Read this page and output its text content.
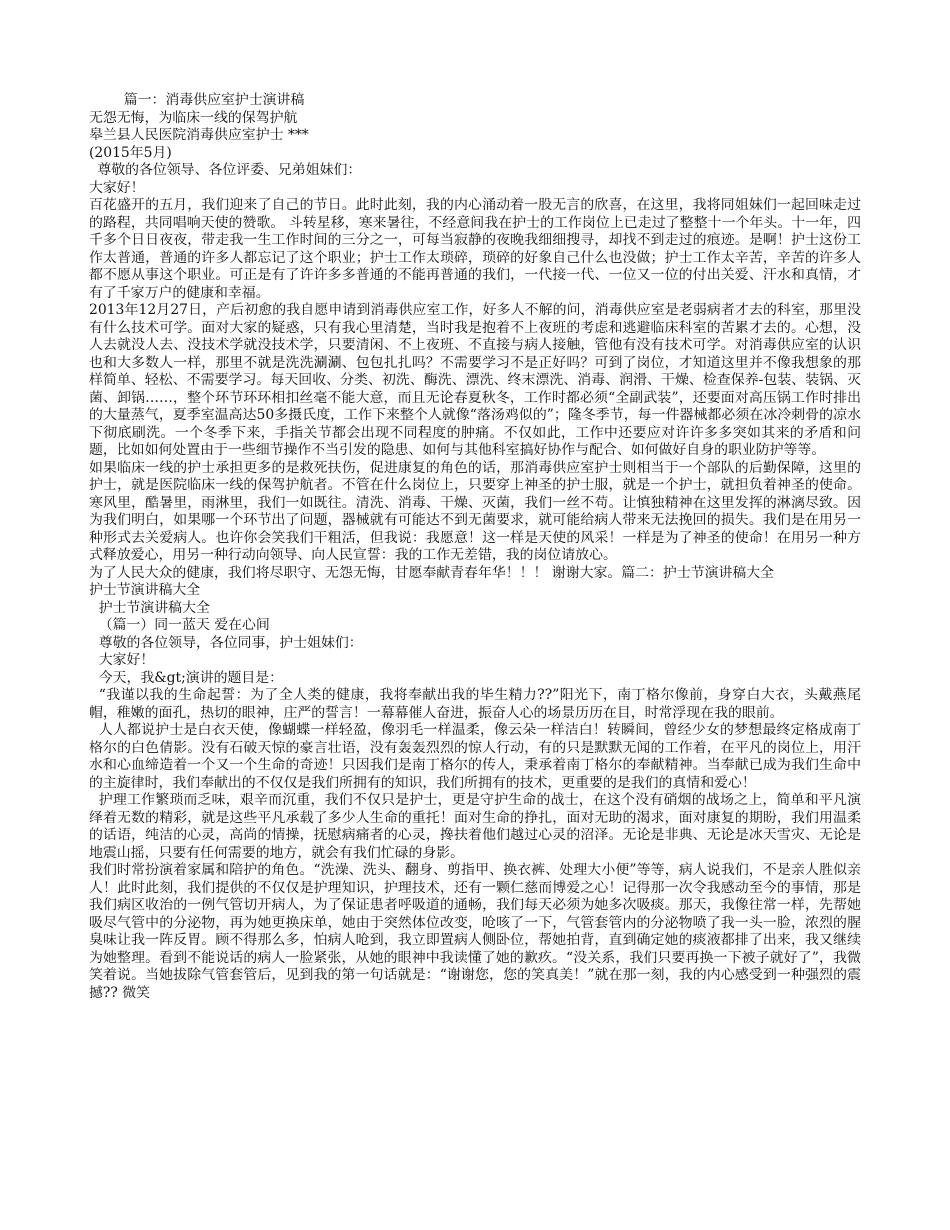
篇一：消毒供应室护士演讲稿

无怨无悔，为临床一线的保驾护航

皋兰县人民医院消毒供应室护士 ***

(2015年5月)

尊敬的各位领导、各位评委、兄弟姐妹们：

大家好！

百花盛开的五月，我们迎来了自己的节日。此时此刻，我的内心涌动着一股无言的欣喜，在这里，我将同姐妹们一起回味走过的路程，共同唱响天使的赞歌。 斗转星移，寒来暑往，不经意间我在护士的工作岗位上已走过了整整十一个年头。十一年，四千多个日日夜夜，带走我一生工作时间的三分之一，可每当寂静的夜晚我细细搜寻，却找不到走过的痕迹。是啊！护士这份工作太普通，普通的许多人都忘记了这个职业；护士工作太琐碎，琐碎的好象自己什么也没做；护士工作太辛苦，辛苦的许多人都不愿从事这个职业。可正是有了许许多多普通的不能再普通的我们，一代接一代、一位又一位的付出关爱、汗水和真情，才有了千家万户的健康和幸福。

2013年12月27日，产后初愈的我自愿申请到消毒供应室工作，好多人不解的问，消毒供应室是老弱病者才去的科室，那里没有什么技术可学。面对大家的疑惑，只有我心里清楚，当时我是抱着不上夜班的考虑和逃避临床科室的苦累才去的。心想，没人去就没人去、没技术学就没技术学，只要清闲、不上夜班、不直接与病人接触，管他有没有技术可学。对消毒供应室的认识也和大多数人一样，那里不就是洗洗涮涮、包包扎扎吗？不需要学习不是正好吗？可到了岗位，才知道这里并不像我想象的那样简单、轻松、不需要学习。每天回收、分类、初洗、酶洗、漂洗、终末漂洗、消毒、润滑、干燥、检查保养-包装、装锅、灭菌、卸锅……，整个环节环环相扣丝毫不能大意，而且无论春夏秋冬，工作时都必须“全副武装”，还要面对高压锅工作时排出的大量蒸气，夏季室温高达50多摄氏度，工作下来整个人就像“落汤鸡似的”；隆冬季节，每一件器械都必须在冰冷刺骨的凉水下彻底刷洗。一个冬季下来，手指关节都会出现不同程度的肿痛。不仅如此，工作中还要应对许许多多突如其来的矛盾和问题，比如如何处置由于一些细节操作不当引发的隐患、如何与其他科室搞好协作与配合、如何做好自身的职业防护等等。

如果临床一线的护士承担更多的是救死扶伤，促进康复的角色的话，那消毒供应室护士则相当于一个部队的后勤保障，这里的护士，就是医院临床一线的保驾护航者。不管在什么岗位上，只要穿上神圣的护士服，就是一个护士，就担负着神圣的使命。寒风里，酷暑里，雨淋里，我们一如既往。清洗、消毒、干燥、灭菌，我们一丝不苟。让慎独精神在这里发挥的淋漓尽致。因为我们明白，如果哪一个环节出了问题，器械就有可能达不到无菌要求，就可能给病人带来无法挽回的损失。我们是在用另一种形式去关爱病人。也许你会笑我们干粗活，但我说：我愿意！这一样是天使的风采！一样是为了神圣的使命！在用另一种方式释放爱心，用另一种行动向领导、向人民宣誓：我的工作无差错，我的岗位请放心。

为了人民大众的健康，我们将尽职守、无怨无悔，甘愿奉献青春年华！！！ 谢谢大家。篇二：护士节演讲稿大全

护士节演讲稿大全

护士节演讲稿大全

（篇一）同一蓝天 爱在心间

尊敬的各位领导，各位同事，护士姐妹们：

大家好！

今天，我&gt;演讲的题目是：

“我谨以我的生命起誓：为了全人类的健康，我将奉献出我的毕生精力??”阳光下，南丁格尔像前，身穿白大衣，头戴燕尾帽，稚嫩的面孔，热切的眼神，庄严的誓言！一幕幕催人奋进，振奋人心的场景历历在目，时常浮现在我的眼前。

人人都说护士是白衣天使，像蝴蝶一样轻盈，像羽毛一样温柔，像云朵一样洁白！转瞬间，曾经少女的梦想最终定格成南丁格尔的白色倩影。没有石破天惊的豪言壮语，没有轰轰烈烈的惊人行动，有的只是默默无闻的工作着，在平凡的岗位上，用汗水和心血缔造着一个又一个生命的奇迹！只因我们是南丁格尔的传人，秉承着南丁格尔的奉献精神。当奉献已成为我们生命中的主旋律时，我们奉献出的不仅仅是我们所拥有的知识，我们所拥有的技术，更重要的是我们的真情和爱心！

护理工作繁琐而乏味，艰辛而沉重，我们不仅只是护士，更是守护生命的战士，在这个没有硝烟的战场之上，简单和平凡演绎着无数的精彩，就是这些平凡承载了多少人生命的重托！面对生命的挣扎，面对无助的渴求，面对康复的期盼，我们用温柔的话语，纯洁的心灵，高尚的情操，抚慰病痛者的心灵，搀扶着他们越过心灵的沼泽。无论是非典、无论是冰天雪灾、无论是地震山摇，只要有任何需要的地方，就会有我们忙碌的身影。

我们时常扮演着家属和陪护的角色。“洗澡、洗头、翻身、剪指甲、换衣裤、处理大小便”等等，病人说我们，不是亲人胜似亲人！此时此刻，我们提供的不仅仅是护理知识，护理技术，还有一颗仁慈而博爱之心！记得那一次令我感动至今的事情，那是我们病区收治的一例气管切开病人，为了保证患者呼吸道的通畅，我们每天必须为她多次吸痰。那天，我像往常一样，先帮她吸尽气管中的分泌物，再为她更换床单，她由于突然体位改变，呛咳了一下，气管套管内的分泌物喷了我一头一脸，浓烈的腥臭味让我一阵反胃。顾不得那么多，怕病人呛到，我立即置病人侧卧位，帮她拍背，直到确定她的痰液都排了出来，我又继续为她整理。看到不能说话的病人一脸紧张，从她的眼神中我读懂了她的歉疚。“没关系，我们只要再换一下被子就好了”，我微笑着说。当她拔除气管套管后，见到我的第一句话就是：“谢谢您，您的笑真美！”就在那一刻，我的内心感受到一种强烈的震撼?? 微笑
